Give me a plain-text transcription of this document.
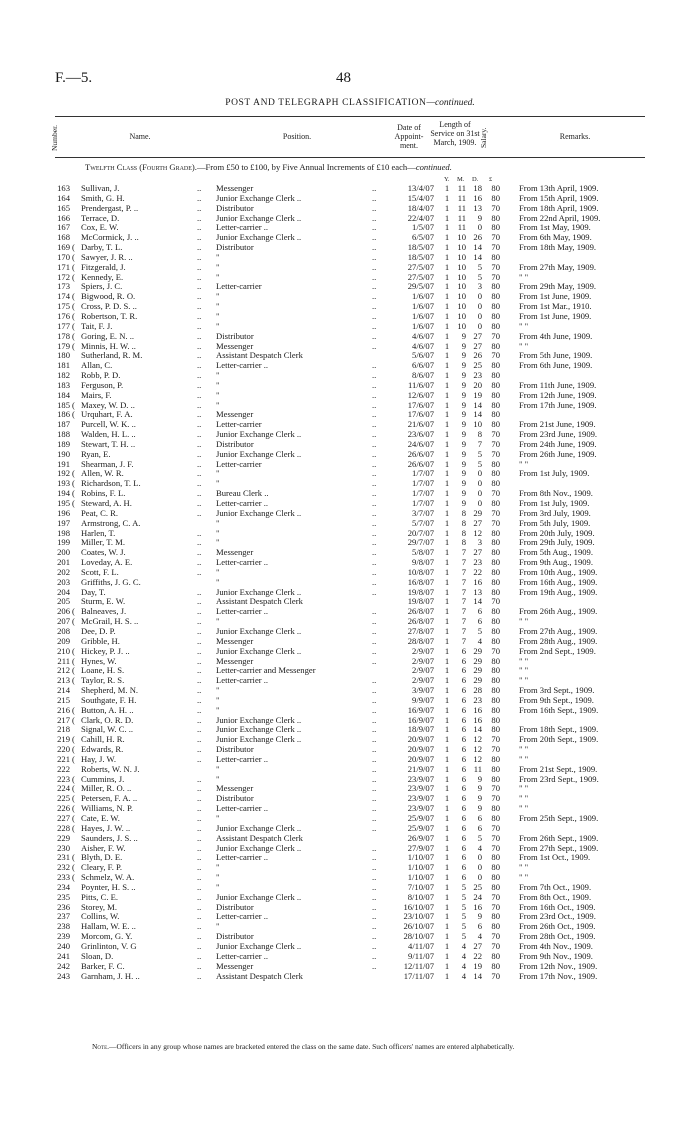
F.—5.	48
POST AND TELEGRAPH CLASSIFICATION—continued.
Number.	Name.	Position.
Date of Appoint-ment.
Length of Service on 31st March, 1909. Salary.	Remarks.
Twelfth Class (Fourth Grade).—From £50 to £100, by Five Annual Increments of £10 each—continued.
Y. M. D. £
163 Sullivan, J.	.. Messenger	..	13/4/07 1 11 18	80 From 13th April, 1909.
164 Smith, G. H.	.. Junior Exchange Clerk ..	..	15/4/07 1 11 16	80 From 15th April, 1909.
165 Prendergast, P. ..	.. Distributor	..	18/4/07 1 11 13	70 From 18th April, 1909.
166 Terrace, D.	.. Junior Exchange Clerk ..	..	22/4/07 1 11	9	80 From 22nd April, 1909.
167 Cox, E. W.	.. Letter-carrier ..	..	1/5/07 1 11	0	80 From 1st May, 1909.
168 McCormick, J. ..	.. Junior Exchange Clerk ..	..	6/5/07 1 10 26	70 From 6th May, 1909.
169 ( Darby, T. L.	.. Distributor	..	18/5/07 1 10 14	70 From 18th May, 1909.
170 ( Sawyer, J. R. ..	.. "	..	18/5/07 1 10 14	80
171 ( Fitzgerald, J.	.. "	..	27/5/07 1 10	5	70 From 27th May, 1909.
172 ( Kennedy, E.	.. "	..	27/5/07 1 10	5	70 " "
173 Spiers, J. C.	.. Letter-carrier	..	29/5/07 1 10	3	80 From 29th May, 1909.
174 ( Bigwood, R. O.	.. "	..	1/6/07 1 10	0	80 From 1st June, 1909.
175 ( Cross, P. D. S. ..	.. "	..	1/6/07 1 10	0	80 From 1st Mar., 1910.
176 ( Robertson, T. R.	.. "	..	1/6/07 1 10	0	80 From 1st June, 1909.
177 ( Tait, F. J.	.. "	..	1/6/07 1 10	0	80 " "
178 ( Goring, E. N. ..	.. Distributor	..	4/6/07 1	9 27	70 From 4th June, 1909.
179 ( Minnis, H. W. ..	.. Messenger	..	4/6/07 1	9 27	80 " "
180 Sutherland, R. M.	.. Assistant Despatch Clerk	5/6/07 1	9 26	70 From 5th June, 1909.
181 Allan, C.	.. Letter-carrier ..	..	6/6/07 1	9 25	80 From 6th June, 1909.
182 Robb, P. D.	.. "	..	8/6/07 1	9 23	80
183 Ferguson, P.	.. "	..	11/6/07 1	9 20	80 From 11th June, 1909.
184 Mairs, F.	.. "	..	12/6/07 1	9 19	80 From 12th June, 1909.
185 ( Maxey, W. D. ..	.. "	..	17/6/07 1	9 14	80 From 17th June, 1909.
186 ( Urquhart, F. A.	.. Messenger	..	17/6/07 1	9 14	80
187 Purcell, W. K. ..	.. Letter-carrier	..	21/6/07 1	9 10	80 From 21st June, 1909.
188 Walden, H. L. ..	.. Junior Exchange Clerk ..	..	23/6/07 1	9	8	70 From 23rd June, 1909.
189 Stewart, T. H. ..	.. Distributor	..	24/6/07 1	9	7	70 From 24th June, 1909.
190 Ryan, E.	.. Junior Exchange Clerk ..	..	26/6/07 1	9	5	70 From 26th June, 1909.
191 Shearman, J. F.	.. Letter-carrier	..	26/6/07 1	9	5	80 " "
192 ( Allen, W. R.	.. "	..	1/7/07 1	9	0	80 From 1st July, 1909.
193 ( Richardson, T. L.	.. "	..	1/7/07 1	9	0	80
194 ( Robins, F. L.	.. Bureau Clerk ..	..	1/7/07 1	9	0	70 From 8th Nov., 1909.
195 ( Steward, A. H.	.. Letter-carrier ..	..	1/7/07 1	9	0	80 From 1st July, 1909.
196 Peat, C. R.	.. Junior Exchange Clerk ..	..	3/7/07 1	8 29	70 From 3rd July, 1909.
197 Armstrong, C. A.	"	..	5/7/07 1	8 27	70 From 5th July, 1909.
198 Harlen, T.	.. "	..	20/7/07 1	8 12	80 From 20th July, 1909.
199 Miller, T. M.	.. "	..	29/7/07 1	8	3	80 From 29th July, 1909.
200 Coates, W. J.	.. Messenger	..	5/8/07 1	7 27	80 From 5th Aug., 1909.
201 Loveday, A. E.	.. Letter-carrier ..	..	9/8/07 1	7 23	80 From 9th Aug., 1909.
202 Scott, F. L.	.. "	..	10/8/07 1	7 22	80 From 10th Aug., 1909.
203 Griffiths, J. G. C.	"	..	16/8/07 1	7 16	80 From 16th Aug., 1909.
204 Day, T.	.. Junior Exchange Clerk ..	..	19/8/07 1	7 13	80 From 19th Aug., 1909.
205 Sturm, E. W.	.. Assistant Despatch Clerk	19/8/07 1	7 14	70
206 ( Balneaves, J.	.. Letter-carrier ..	..	26/8/07 1	7	6	80 From 26th Aug., 1909.
207 ( McGrail, H. S. ..	.. "	..	26/8/07 1	7	6	80 " "
208 Dee, D. P.	.. Junior Exchange Clerk ..	..	27/8/07 1	7	5	80 From 27th Aug., 1909.
209 Gribble, H.	.. Messenger	..	28/8/07 1	7	4	80 From 28th Aug., 1909.
210 ( Hickey, P. J. ..	.. Junior Exchange Clerk ..	..	2/9/07 1	6 29	70 From 2nd Sept., 1909.
211 ( Hynes, W.	.. Messenger	..	2/9/07 1	6 29	80 " "
212 ( Loane, H. S.	.. Letter-carrier and Messenger	2/9/07 1	6 29	80 " "
213 ( Taylor, R. S.	.. Letter-carrier ..	..	2/9/07 1	6 29	80 " "
214 Shepherd, M. N.	.. "	..	3/9/07 1	6 28	80 From 3rd Sept., 1909.
215 Southgate, F. H.	.. "	..	9/9/07 1	6 23	80 From 9th Sept., 1909.
216 ( Button, A. H. ..	.. "	..	16/9/07 1	6 16	80 From 16th Sept., 1909.
217 ( Clark, O. R. D.	.. Junior Exchange Clerk ..	..	16/9/07 1	6 16	80
218 Signal, W. C. ..	.. Junior Exchange Clerk ..	..	18/9/07 1	6 14	80 From 18th Sept., 1909.
219 ( Cahill, H. R.	.. Junior Exchange Clerk ..	..	20/9/07 1	6 12	70 From 20th Sept., 1909.
220 ( Edwards, R.	.. Distributor	..	20/9/07 1	6 12	70 " "
221 ( Hay, J. W.	.. Letter-carrier ..	..	20/9/07 1	6 12	80 " "
222 Roberts, W. N. J.	"	..	21/9/07 1	6 11	80 From 21st Sept., 1909.
223 ( Cummins, J.	.. "	..	23/9/07 1	6	9	80 From 23rd Sept., 1909.
224 ( Miller, R. O. ..	.. Messenger	..	23/9/07 1	6	9	70 " "
225 ( Petersen, F. A. ..	.. Distributor	..	23/9/07 1	6	9	70 " "
226 ( Williams, N. P.	.. Letter-carrier ..	..	23/9/07 1	6	9	80 " "
227 ( Cate, E. W.	.. "	..	25/9/07 1	6	6	80 From 25th Sept., 1909.
228 ( Hayes, J. W. ..	.. Junior Exchange Clerk ..	..	25/9/07 1	6	6	70
229 Saunders, J. S. ..	.. Assistant Despatch Clerk	26/9/07 1	6	5	70 From 26th Sept., 1909.
230 Aisher, F. W.	.. Junior Exchange Clerk ..	..	27/9/07 1	6	4	70 From 27th Sept., 1909.
231 ( Blyth, D. E.	.. Letter-carrier ..	..	1/10/07 1	6	0	80 From 1st Oct., 1909.
232 ( Cleary, F. P.	.. "	..	1/10/07 1	6	0	80 " "
233 ( Schmelz, W. A.	.. "	..	1/10/07 1	6	0	80 " "
234 Poynter, H. S. ..	.. "	..	7/10/07 1	5 25	80 From 7th Oct., 1909.
235 Pitts, C. E.	.. Junior Exchange Clerk ..	..	8/10/07 1	5 24	70 From 8th Oct., 1909.
236 Storey, M.	.. Distributor	..	16/10/07 1	5 16	70 From 16th Oct., 1909.
237 Collins, W.	.. Letter-carrier ..	..	23/10/07 1	5	9	80 From 23rd Oct., 1909.
238 Hallam, W. E. ..	.. "	..	26/10/07 1	5	6	80 From 26th Oct., 1909.
239 Morcom, G. Y.	.. Distributor	..	28/10/07 1	5	4	70 From 28th Oct., 1909.
240 Grinlinton, V. G	.. Junior Exchange Clerk ..	..	4/11/07 1	4 27	70 From 4th Nov., 1909.
241 Sloan, D.	.. Letter-carrier ..	..	9/11/07 1	4 22	80 From 9th Nov., 1909.
242 Barker, F. C.	.. Messenger	..	12/11/07 1	4 19	80 From 12th Nov., 1909.
243 Garnham, J. H. ..	.. Assistant Despatch Clerk	17/11/07 1	4 14	70 From 17th Nov., 1909.
Note.—Officers in any group whose names are bracketed entered the class on the same date. Such officers' names are entered alphabetically.
